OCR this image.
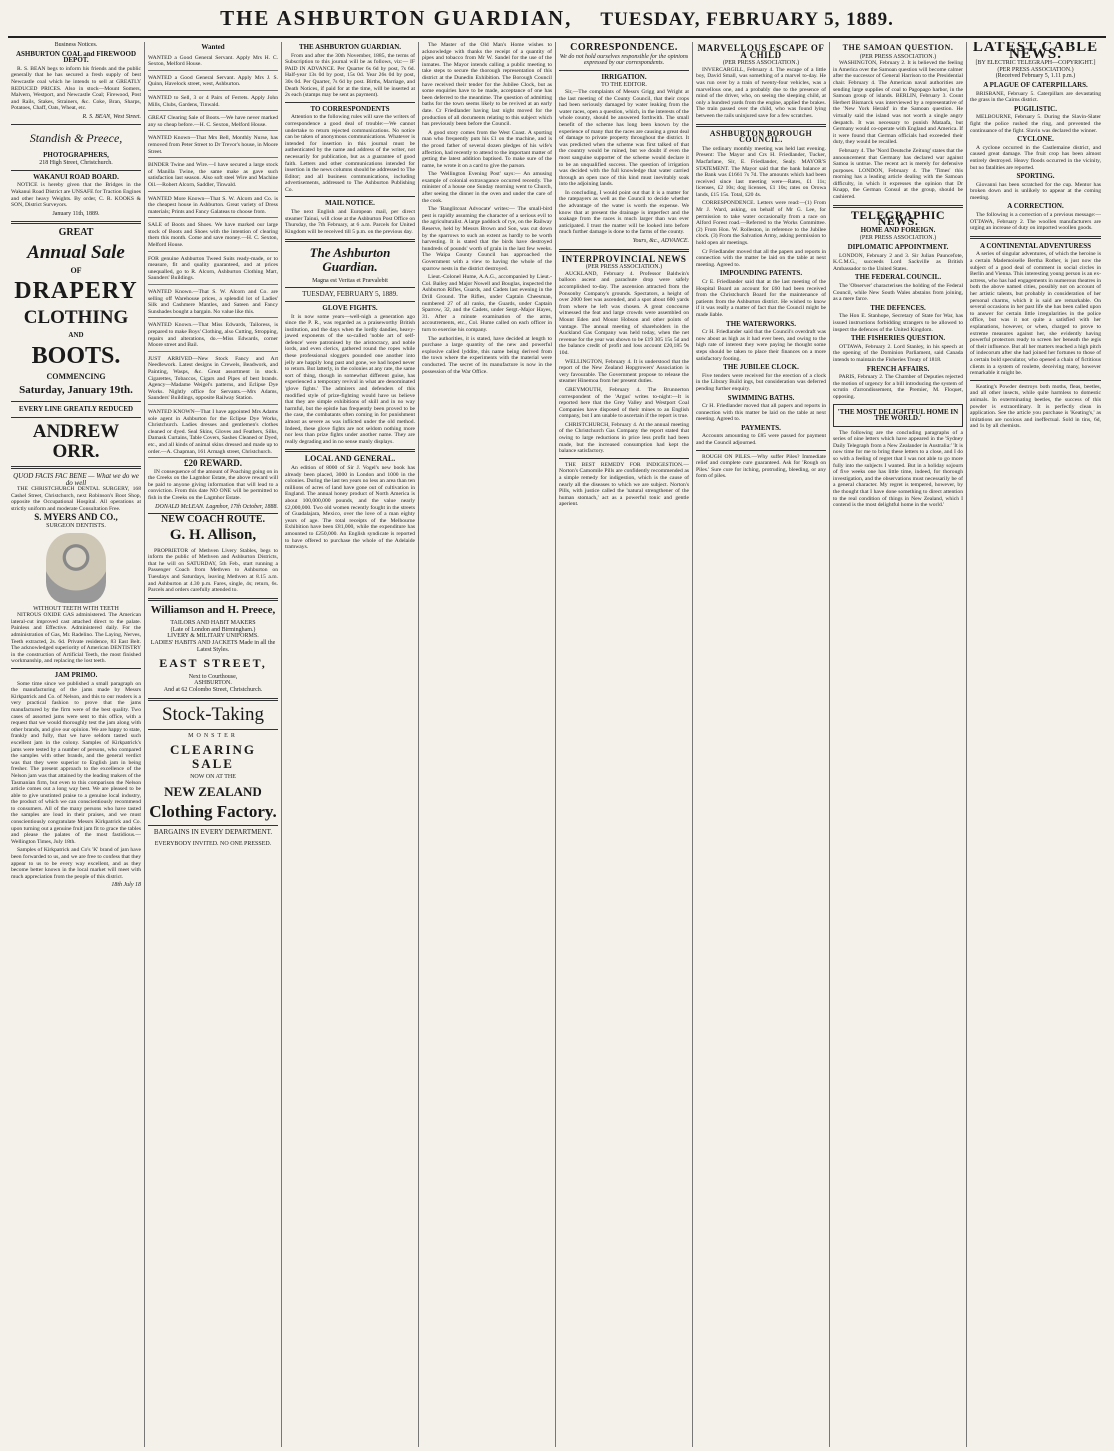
THE ASHBURTON GUARDIAN, TUESDAY, FEBRUARY 5, 1889.
Business Notices.
ASHBURTON COAL and FIREWOOD DEPOT.

R. S. BEAN begs to inform his friends and the public generally that he has secured a fresh supply of best Newcastle coal which he intends to sell at GREATLY REDUCED PRICES. Also in stock—Mount Somers, Malvern, Westport, and Newcastle Coal; Firewood, Post and Rails, Stakes, Strainers, &c. Coke, Bran, Sharps, Potatoes, Chaff, Oats, Wheat, etc.

R. S. BEAN, West Street.
Standish & Preece,
PHOTOGRAPHERS,
218 High Street, Christchurch.
WAKANUI ROAD BOARD.

NOTICE is hereby given that the Bridges in the Wakanui Road District are UNSAFE for Traction Engines and other heavy Weights. By order, C. R. KOOKS & SON, District Surveyors.

January 11th, 1889.
GREAT
Annual Sale
OF
DRAPERY
CLOTHING
AND
BOOTS.
COMMENCING
Saturday, January 19th.
EVERY LINE GREATLY REDUCED
ANDREW ORR.
QUOD FACIS FAC BENE — What we do we do well

THE CHRISTCHURCH DENTAL SURGERY, 168 Cashel Street, Christchurch, next Robinson's Boot Shop, opposite the Occupational Hospital. All operations at strictly uniform and moderate Consultation Free.

S. MYERS AND CO.,
SURGEON DENTISTS.
WITHOUT TEETH WITH TEETH

NITROUS OXIDE GAS administered. The American lateral-cut improved cast attached direct to the palate. Painless and Effective. Administered daily. For the administration of Gas, Mr. Radelino. The Laying, Nerves, Teeth extracted, 2s. 6d. Private residence, 83 East Belt. The acknowledged superiority of American DENTISTRY in the construction of Artificial Teeth, the most finished workmanship, and replacing the lost teeth.

JAM PRIMO.

Some time since we published a small paragraph on the manufacturing of the jams made by Messrs Kirkpatrick and Co. of Nelson, and this to our readers is a very practical fashion to prove that the jams manufactured by the firm were of the best quality. Two cases of assorted jams were sent to this office, with a request that we would thoroughly test the jam along with other brands, and give our opinion. We are happy to state, frankly and fully, that we have seldom tasted such excellent jam in the colony. Samples of Kirkpatrick's jams were tested by a number of persons, who compared the samples with other brands, and the general verdict was that they were superior to English jam in being fresher. The present approach to the excellence of the Nelson jam was that attained by the leading makers of the Tasmanian firm, but even to this comparison the Nelson article comes out a long way best. We are pleased to be able to give unstinted praise to a genuine local industry, the product of which we can conscientiously recommend to consumers. All of the many persons who have tasted the samples are loud in their praises, and we must conscientiously congratulate Messrs Kirkpatrick and Co. upon turning out a genuine fruit jam fit to grace the tables and please the palates of the most fastidious.—Wellington Times, July 18th.

Samples of Kirkpatrick and Co's 'K' brand of jam have been forwarded to us, and we are free to confess that they appear to us to be every way excellent, and as they become better known in the local market will meet with much appreciation from the people of this district.

18th July 18
Wanted
WANTED a Good General Servant. Apply Mrs H. C. Sexton, Melford House.
WANTED a Good General Servant. Apply Mrs J. S. Quinn, Havelock street, west, Ashburton.
WANTED to Sell, 3 or 4 Pairs of Ferrets. Apply John Mills, Clubs, Gardens, Tinwald.
GREAT Clearing Sale of Boots.—We have never marked any so cheap before.—H. C. Sexton, Melford House.
WANTED Known—That Mrs Bell, Monthly Nurse, has removed from Peter Street to Dr Trevor's house, in Moore Street.
BINDER Twine and Wire.—I have secured a large stock of Manilla Twine, the same make as gave such satisfaction last season. Also soft steel Wire and Machine Oil.—Robert Alcorn, Saddler, Tinwald.
WANTED More Known—That S. W. Alcorn and Co. is the cheapest house in Ashburton. Great variety of Dress materials; Prints and Fancy Galateas to choose from.
SALE of Boots and Shoes. We have marked our large stock of Boots and Shoes with the intention of clearing them this month. Come and save money.—H. C. Sexton, Melford House.
FOR genuine Ashburton Tweed Suits ready-made, or to measure, fit and quality guaranteed, and at prices unequalled, go to R. Alcorn, Ashburton Clothing Mart, Saunders' Buildings.
WANTED Known.—That S. W. Alcorn and Co. are selling off Warehouse prices, a splendid lot of Ladies' Silk and Cashmere Mantles, and Sateen and Fancy Sunshades bought a bargain. No value like this.
WANTED Known.—That Miss Edwards, Tailoress, is prepared to make Boys' Clothing, also Cutting, Stropping, repairs and alterations, do.—Miss Edwards, corner Moore street and Bail.
JUST ARRIVED—New Stock Fancy and Art Needlework. Latest designs in Crewels, Beadwork, and Painting, Wasps, &c. Great assortment in stock. Cigarettes, Tobaccos, Cigars and Pipes of best brands. Agency—Madame Weigel's patterns, and Eclipse Dye Works. Nightly office for Servants.—Mrs Adams, Saunders' Buildings, opposite Railway Station.
WANTED KNOWN—That I have appointed Mrs Adams sole agent in Ashburton for the Eclipse Dye Works, Christchurch. Ladies dresses and gentlemen's clothes cleaned or dyed. Seal Skins, Gloves and Feathers, Silks, Damask Curtains, Table Covers, Sashes Cleaned or Dyed, etc., and all kinds of animal skins dressed and made up to order.—A. Chapman, 161 Armagh street, Christchurch.
£20 REWARD.

IN consequence of the amount of Poaching going on in the Creeks on the Lagmhor Estate, the above reward will be paid to anyone giving information that will lead to a conviction. From this date NO ONE will be permitted to fish in the Creeks on the Lagmhor Estate.

DONALD McLEAN. Lagmhor, 17th October, 1888.
NEW COACH ROUTE.
G. H. Allison,

PROPRIETOR of Methven Livery Stables, begs to inform the public of Methven and Ashburton Districts, that he will on SATURDAY, 5th Feb., start running a Passenger Coach from Methven to Ashburton on Tuesdays and Saturdays, leaving Methven at 8.15 a.m. and Ashburton at 4.30 p.m. Fares, single, 4s; return, 6s. Parcels and orders carefully attended to.

Williamson and H. Preece,
TAILORS AND HABIT MAKERS
(Late of London and Birmingham.)
LIVERY & MILITARY UNIFORMS.
LADIES' HABITS AND JACKETS Made in all the Latest Styles.
EAST STREET,
Next to Courthouse,
ASHBURTON.
And at 62 Colombo Street, Christchurch.
Stock-Taking
MONSTER
CLEARING SALE
NOW ON AT THE
NEW ZEALAND
Clothing Factory.
BARGAINS IN EVERY DEPARTMENT.
EVERYBODY INVITED. NO ONE PRESSED.
THE ASHBURTON GUARDIAN.

From and after the 30th November, 1885, the terms of Subscription to this journal will be as follows, viz:— IF PAID IN ADVANCE. Per Quarter 6s 6d by post, 7s 6d. Half-year 13s 0d by post, 15s 0d. Year 26s 0d by post, 30s 0d. Per Quarter, 7s 6d by post. Births, Marriage, and Death Notices, if paid for at the time, will be inserted at 2s each (stamps may be sent as payment).

TO CORRESPONDENTS

Attention to the following rules will save the writers of correspondence a good deal of trouble:—We cannot undertake to return rejected communications. No notice can be taken of anonymous communications. Whatever is intended for insertion in this journal must be authenticated by the name and address of the writer, not necessarily for publication, but as a guarantee of good faith. Letters and other communications intended for insertion in the news columns should be addressed to The Editor; and all business communications, including advertisements, addressed to The Ashburton Publishing Co.

MAIL NOTICE.

The next English and European mail, per direct steamer Tainui, will close at the Ashburton Post Office on Thursday, the 7th February, at 6 a.m. Parcels for United Kingdom will be received till 5 p.m. on the previous day.

The Ashburton Guardian.
Magna est Veritas et Prævalebit
TUESDAY, FEBRUARY 5, 1889.
GLOVE FIGHTS.

It is now some years—well-nigh a generation ago since the P. R., was regarded as a praiseworthy British institution, and the days when the lordly dandies, heavy-jawed exponents of the so-called 'noble art of self-defence' were patronised by the aristocracy, and noble lords, and even clerics, gathered round the ropes while these professional sloggers pounded one another into jelly are happily long past and gone, we had hoped never to return. But latterly, in the colonies at any rate, the same sort of thing, though in somewhat different guise, has experienced a temporary revival in what are denominated 'glove fights.' The admirers and defenders of this modified style of prize-fighting would have us believe that they are simple exhibitions of skill and in no way harmful, but the epistle has frequently been proved to be the case, the combatants often coming in for punishment almost as severe as was inflicted under the old method. Indeed, these glove fights are not seldom nothing more nor less than prize fights under another name. They are really degrading and in no sense manly displays.

LOCAL AND GENERAL.

An edition of 8000 of Sir J. Vogel's new book has already been placed, 3000 in London and 1000 in the colonies. During the last ten years no less an area than ten millions of acres of land have gone out of cultivation in England. The annual honey product of North America is about 100,000,000 pounds, and the value nearly £2,000,000. Two old women recently fought in the streets of Guadalajara, Mexico, over the love of a man eighty years of age. The total receipts of the Melbourne Exhibition have been £81,000, while the expenditure has amounted to £250,000. An English syndicate is reported to have offered to purchase the whole of the Adelaide tramways.

The Master of the Old Man's Home wishes to acknowledge with thanks the receipt of a quantity of pipes and tobacco from Mr W. Sandel for the use of the inmates. The Mayor intends calling a public meeting to take steps to secure the thorough representation of this district at the Dunedin Exhibition. The Borough Council have received their tender for the Jubilee Clock, but as some enquiries have to be made, acceptance of one has been deferred to the meantime. The question of admitting baths for the town seems likely to be revived at an early date. Cr Friedlander having last night moved for the production of all documents relating to this subject which has previously been before the Council.

A good story comes from the West Coast. A sporting man who frequently puts his £1 on the machine, and is the proud father of several dozen pledges of his wife's affection, had recently to attend to the important matter of getting the latest addition baptised. To make sure of the name, he wrote it on a card to give the parson.

The 'Wellington Evening Post' says:— An amusing example of colonial extravagance occurred recently. The minister of a house one Sunday morning went to Church, after seeing the dinner in the oven and under the care of the cook.

The 'Banglitcoat Advocate' writes:— The small-bird pest is rapidly assuming the character of a serious evil to the agriculturalist. A large paddock of rye, on the Railway Reserve, held by Messrs Brown and Son, was cut down by the sparrows to such an extent as hardly to be worth harvesting. It is stated that the birds have destroyed hundreds of pounds' worth of grain in the last few weeks. The Waipa County Council has approached the Government with a view to having the whole of the sparrow nests in the district destroyed.

Lieut.-Colonel Hume, A.A.G., accompanied by Lieut.-Col. Bailey and Major Nowell and Bouglas, inspected the Ashburton Rifles, Guards, and Cadets last evening in the Drill Ground. The Rifles, under Captain Cheesman, numbered 27 of all ranks, the Guards, under Captain Sparrow, 32, and the Cadets, under Sergt.-Major Hayes, 31. After a minute examination of the arms, accoutrements, etc., Col. Hume called on each officer in turn to exercise his company.

The authorities, it is stated, have decided at length to purchase a large quantity of the new and powerful explosive called lyddite, this name being derived from the town where the experiments with the material were conducted. The secret of its manufacture is now in the possession of the War Office.

CORRESPONDENCE.
We do not hold ourselves responsible for the opinions expressed by our correspondents.
IRRIGATION.
TO THE EDITOR.

Sir,—The complaints of Messrs Grigg and Wright at the last meeting of the County Council, that their crops had been seriously damaged by water leaking from the water races, open a question, which, in the interests of the whole county, should be answered forthwith. The small benefit of the scheme has long been known by the experience of many that the races are causing a great deal of damage to private property throughout the district. It was predicted when the scheme was first talked of that the country would be ruined, but we doubt if even the most sanguine supporter of the scheme would declare it to be an unqualified success. The question of irrigation was decided with the full knowledge that water carried through an open race of this kind must inevitably soak into the adjoining lands.

In concluding, I would point out that it is a matter for the ratepayers as well as the Council to decide whether the advantage of the water is worth the expense. We know that at present the drainage is imperfect and the soakage from the races is much larger than was ever anticipated. I trust the matter will be looked into before much further damage is done to the farms of the county.

Yours, &c., ADVANCE.
INTERPROVINCIAL NEWS
(PER PRESS ASSOCIATION.)

AUCKLAND, February 4. Professor Baldwin's balloon ascent and parachute drop were safely accomplished to-day. The ascension attracted from the Ponsonby Company's grounds. Spectators, a height of over 2000 feet was ascended, and a spot about 600 yards from where he left was chosen. A great concourse witnessed the feat and large crowds were assembled on Mount Eden and Mount Hobson and other points of vantage. The annual meeting of shareholders in the Auckland Gas Company was held today, when the net revenue for the year was shown to be £19 305 15s 5d and the balance credit of profit and loss account £20,185 9s 10d.

WELLINGTON, February 4. It is understood that the report of the New Zealand Hopgrowers' Association is very favourable. The Government propose to release the steamer Hinemoa from her present duties.

GREYMOUTH, February 4. The Brunnerton correspondent of the 'Argus' writes to-night:—It is reported here that the Grey Valley and Westport Coal Companies have disposed of their mines to an English company, but I am unable to ascertain if the report is true.

CHRISTCHURCH, February 4. At the annual meeting of the Christchurch Gas Company the report stated that owing to large reductions in price less profit had been made, but the increased consumption had kept the balance satisfactory.

THE BEST REMEDY FOR INDIGESTION.—Norton's Camomile Pills are confidently recommended as a simple remedy for indigestion, which is the cause of nearly all the diseases to which we are subject. Norton's Pills, with justice called the 'natural strengthener of the human stomach,' act as a powerful tonic and gentle aperient.

MARVELLOUS ESCAPE OF A CHILD
(PER PRESS ASSOCIATION.)

INVERCARGILL, February 4. The escape of a little boy, David Small, was something of a marvel to-day. He was run over by a train of twenty-four vehicles, was a marvellous one, and a probably due to the presence of mind of the driver, who, on seeing the sleeping child, at only a hundred yards from the engine, applied the brakes. The train passed over the child, who was found lying between the rails uninjured save for a few scratches.

ASHBURTON BOROUGH COUNCIL.

The ordinary monthly meeting was held last evening. Present: The Mayor and Crs H. Friedlander, Tucker, Macfarlane, Sir, E. Friedlander, Sealy. MAYOR'S STATEMENT. The Mayor said that the bank balance at the Bank was £1661 7s 7d. The amounts which had been received since last meeting were—Rates, £1 11s; licenses, £2 10s; dog licenses, £1 10s; rates on Orowa lands, £15 15s. Total, £20 4s.

CORRESPONDENCE. Letters were read:—(1) From Mr J. Ward, asking, on behalf of Mr G. Lee, for permission to take water occasionally from a race on Alford Forest road.—Referred to the Works Committee. (2) From Hon. W. Rolleston, in reference to the Jubilee clock. (3) From the Salvation Army, asking permission to hold open air meetings.

Cr Friedlander moved that all the papers and reports in connection with the matter be laid on the table at next meeting. Agreed to.

IMPOUNDING PATENTS.

Cr E. Friedlander said that at the last meeting of the Hospital Board an account for £60 had been received from the Christchurch Board for the maintenance of patients from the Ashburton district. He wished to know if it was really a matter of fact that the Council might be made liable.

THE WATERWORKS.

Cr H. Friedlander said that the Council's overdraft was now about as high as it had ever been, and owing to the high rate of interest they were paying he thought some steps should be taken to place their finances on a more satisfactory footing.

THE JUBILEE CLOCK.

Five tenders were received for the erection of a clock in the Library Build ings, but consideration was deferred pending further enquiry.

SWIMMING BATHS.

Cr H. Friedlander moved that all papers and reports in connection with this matter be laid on the table at next meeting. Agreed to.

PAYMENTS.

Accounts amounting to £85 were passed for payment and the Council adjourned.

ROUGH ON PILES.—Why suffer Piles? Immediate relief and complete cure guaranteed. Ask for 'Rough on Piles.' Sure cure for itching, protruding, bleeding, or any form of piles.

THE SAMOAN QUESTION.
(PER PRESS ASSOCIATION.)

WASHINGTON, February 2. It is believed the feeling in America over the Samoan question will become calmer after the successor of General Harrison to the Presidential chair. February 4. The American naval authorities are sending large supplies of coal to Pagopago harbor, in the Samoan group of islands. BERLIN, February 3. Count Herbert Bismarck was interviewed by a representative of the 'New York Herald' in the Samoan question. He virtually said the island was not worth a single angry despatch. It was necessary to punish Mataafa, but Germany would co-operate with England and America. If it were found that German officials had exceeded their duty, they would be recalled.

February 4. The 'Nord Deutsche Zeitung' states that the announcement that Germany has declared war against Samoa is untrue. The recent act is merely for defensive purposes. LONDON, February 4. The 'Times' this morning has a leading article dealing with the Samoan difficulty, in which it expresses the opinion that Dr Knapp, the German Consul at the group, should be cashiered.

TELEGRAPHIC NEWS.
HOME AND FOREIGN.
(PER PRESS ASSOCIATION.)
DIPLOMATIC APPOINTMENT.

LONDON, February 2 and 3. Sir Julian Pauncefote, K.C.M.G., succeeds Lord Sackville as British Ambassador to the United States.

THE FEDERAL COUNCIL.

The 'Observer' characterises the holding of the Federal Council, while New South Wales abstains from joining, as a mere farce.

THE DEFENCES.

The Hon E. Stanhope, Secretary of State for War, has issued instructions forbidding strangers to be allowed to inspect the defences of the United Kingdom.

THE FISHERIES QUESTION.

OTTAWA, February 2. Lord Stanley, in his speech at the opening of the Dominion Parliament, said Canada intends to maintain the Fisheries Treaty of 1818.

FRENCH AFFAIRS.

PARIS, February 2. The Chamber of Deputies rejected the motion of urgency for a bill introducing the system of scrutin d'arrondissement, the Premier, M. Floquet, opposing.

'THE MOST DELIGHTFUL HOME IN THE WORLD.'

The following are the concluding paragraphs of a series of nine letters which have appeared in the 'Sydney Daily Telegraph from a New Zealander in Australia:' 'It is now time for me to bring these letters to a close, and I do so with a feeling of regret that I was not able to go more fully into the subjects I wanted. But in a holiday sojourn of five weeks one has little time, indeed, for thorough investigation, and the observations must necessarily be of a general character. My regret is tempered, however, by the thought that I have done something to direct attention to the real condition of things in New Zealand, which I contend is the most delightful home in the world.'

LATEST CABLE NEWS.
[BY ELECTRIC TELEGRAPH—COPYRIGHT.] (PER PRESS ASSOCIATION.)
(Received February 5, 1.11 p.m.)
A PLAGUE OF CATERPILLARS.

BRISBANE, February 5. Caterpillars are devastating the grass in the Cairns district.

PUGILISTIC.

MELBOURNE, February 5. During the Slavin-Slater fight the police rushed the ring, and prevented the continuance of the fight. Slavin was declared the winner.

CYCLONE.

A cyclone occurred in the Castlemaine district, and caused great damage. The fruit crop has been almost entirely destroyed. Heavy floods occurred in the vicinity, but no fatalities are reported.

SPORTING.

Giovanni has been scratched for the cup. Mentor has broken down and is unlikely to appear at the coming meeting.

A CORRECTION.

The following is a correction of a previous message:— OTTAWA, February 2. The woollen manufacturers are urging an increase of duty on imported woollen goods.

A CONTINENTAL ADVENTURESS

A series of singular adventures, of which the heroine is a certain Mademoiselle Bertha Rother, is just now the subject of a good deal of comment in social circles in Berlin and Vienna. This interesting young person is an ex-actress, who has had engagements in numerous theatres in both the above named cities, possibly not on account of her artistic talents, but probably in consideration of her personal charms, which it is said are remarkable. On several occasions in her past life she has been called upon to answer for certain little irregularities in the police office, but was it not quite a satisfied with her explanations, however, or when, charged to prove to extreme measures against her, she evidently having powerful protectors ready to screen her beneath the ægis of their influence. But all her matters reached a high pitch of indecorum after she had joined her fortunes to those of a certain bold speculator, who opened a chain of fictitious clients in a system of roulette, deceiving many, however remarkable it might be.

Keating's Powder destroys both moths, fleas, beetles, and all other insects, while quite harmless to domestic animals. In exterminating beetles, the success of this powder is extraordinary. It is perfectly clean in application. See the article you purchase is 'Keating's,' as imitations are noxious and ineffectual. Sold in tins, 6d, and 1s by all chemists.
